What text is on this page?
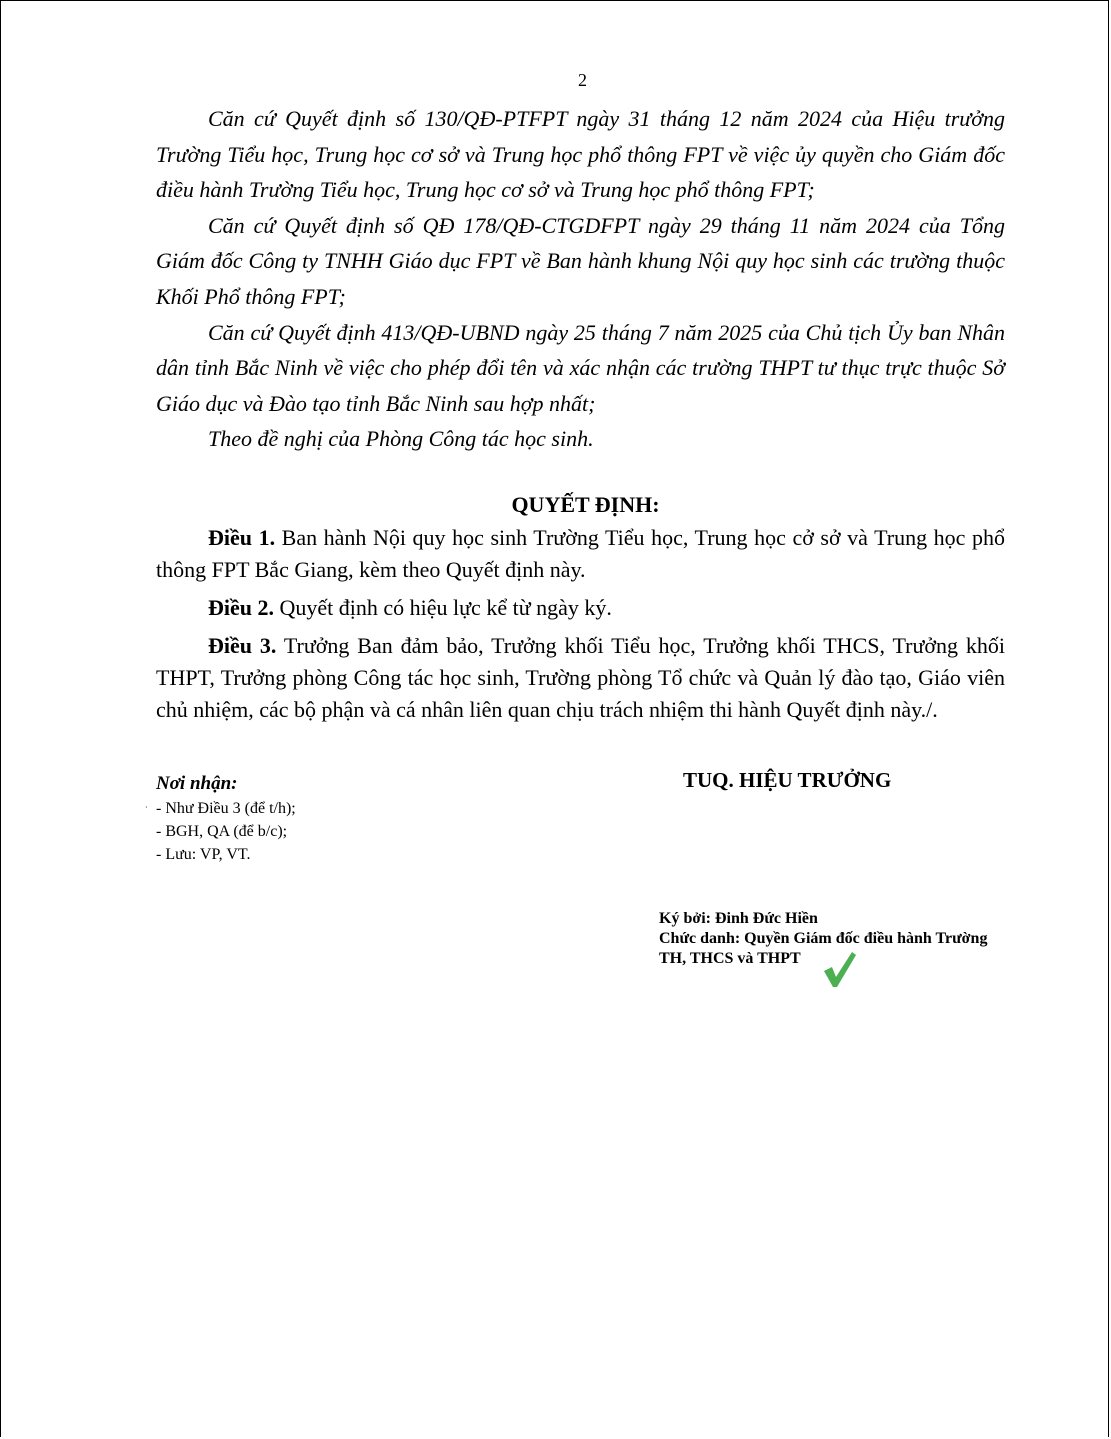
2

Căn cứ Quyết định số 130/QĐ-PTFPT ngày 31 tháng 12 năm 2024 của Hiệu trưởng Trường Tiểu học, Trung học cơ sở và Trung học phổ thông FPT về việc ủy quyền cho Giám đốc điều hành Trường Tiểu học, Trung học cơ sở và Trung học phổ thông FPT;

Căn cứ Quyết định số QĐ 178/QĐ-CTGDFPT ngày 29 tháng 11 năm 2024 của Tổng Giám đốc Công ty TNHH Giáo dục FPT về Ban hành khung Nội quy học sinh các trường thuộc Khối Phổ thông FPT;

Căn cứ Quyết định 413/QĐ-UBND ngày 25 tháng 7 năm 2025 của Chủ tịch Ủy ban Nhân dân tỉnh Bắc Ninh về việc cho phép đổi tên và xác nhận các trường THPT tư thục trực thuộc Sở Giáo dục và Đào tạo tỉnh Bắc Ninh sau hợp nhất;

Theo đề nghị của Phòng Công tác học sinh.

QUYẾT ĐỊNH:

Điều 1. Ban hành Nội quy học sinh Trường Tiểu học, Trung học cở sở và Trung học phổ thông FPT Bắc Giang, kèm theo Quyết định này.

Điều 2. Quyết định có hiệu lực kể từ ngày ký.

Điều 3. Trưởng Ban đảm bảo, Trưởng khối Tiểu học, Trưởng khối THCS, Trưởng khối THPT, Trưởng phòng Công tác học sinh, Trường phòng Tổ chức và Quản lý đào tạo, Giáo viên chủ nhiệm, các bộ phận và cá nhân liên quan chịu trách nhiệm thi hành Quyết định này./.

·
Nơi nhận:
- Như Điều 3 (để t/h);
- BGH, QA (để b/c);
- Lưu: VP, VT.
TUQ. HIỆU TRƯỞNG
Ký bởi: Đinh Đức Hiền
Chức danh: Quyền Giám đốc điều hành Trường
TH, THCS và THPT
